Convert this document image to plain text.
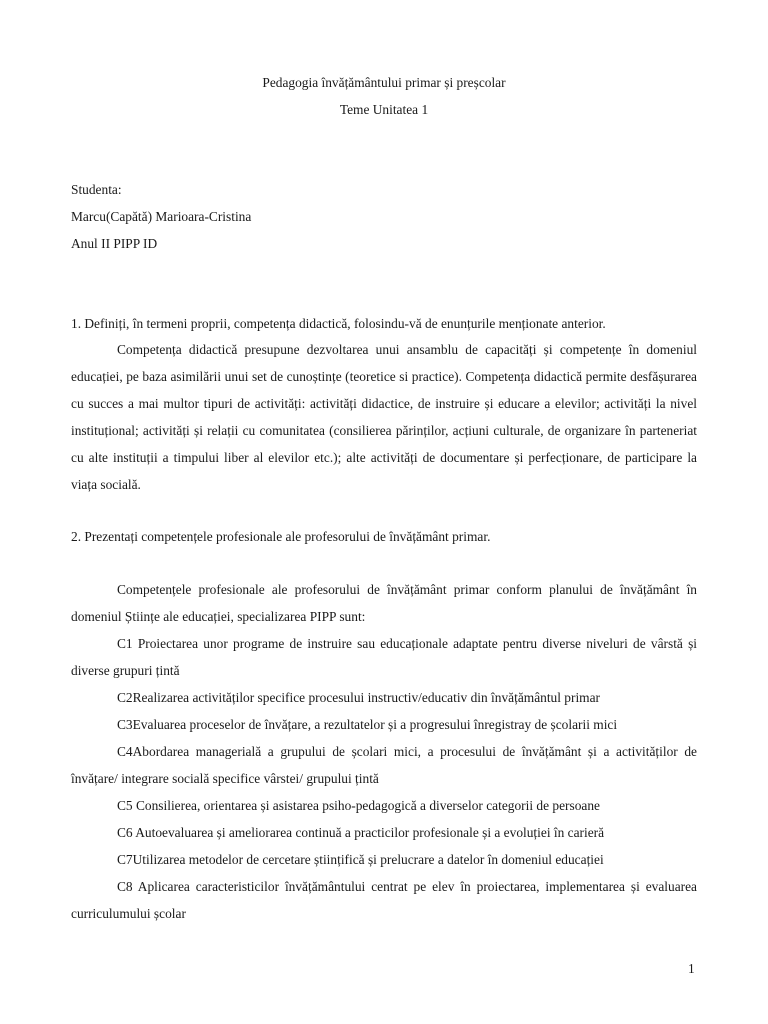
Pedagogia învățământului primar și preșcolar
Teme Unitatea 1
Studenta:
Marcu(Capătă) Marioara-Cristina
Anul II PIPP ID
1. Definiți, în termeni proprii, competența didactică, folosindu-vă de enunțurile menționate anterior.

Competența didactică presupune dezvoltarea unui ansamblu de capacități și competențe în domeniul educației, pe baza asimilării unui set de cunoștințe (teoretice si practice). Competența didactică permite desfășurarea cu succes a mai multor tipuri de activități: activități didactice, de instruire și educare a elevilor; activități la nivel instituțional; activități și relații cu comunitatea (consilierea părinților, acțiuni culturale, de organizare în parteneriat cu alte instituții a timpului liber al elevilor etc.); alte activități de documentare și perfecționare, de participare la viața socială.

2. Prezentați competențele profesionale ale profesorului de învățământ primar.

Competențele profesionale ale profesorului de învățământ primar conform planului de învățământ în domeniul Științe ale educației, specializarea PIPP sunt:

C1 Proiectarea unor programe de instruire sau educaționale adaptate pentru diverse niveluri de vârstă și diverse grupuri țintă

C2Realizarea activităților specifice procesului instructiv/educativ din învățământul primar

C3Evaluarea proceselor de învățare, a rezultatelor și a progresului înregistray de școlarii mici

C4Abordarea managerială a grupului de școlari mici, a procesului de învățământ și a activităților de învățare/ integrare socială specifice vârstei/ grupului țintă

C5 Consilierea, orientarea și asistarea psiho-pedagogică a diverselor categorii de persoane

C6 Autoevaluarea și ameliorarea continuă a practicilor profesionale și a evoluției în carieră

C7Utilizarea metodelor de cercetare științifică și prelucrare a datelor în domeniul educației

C8 Aplicarea caracteristicilor învățământului centrat pe elev în proiectarea, implementarea și evaluarea curriculumului școlar

1
